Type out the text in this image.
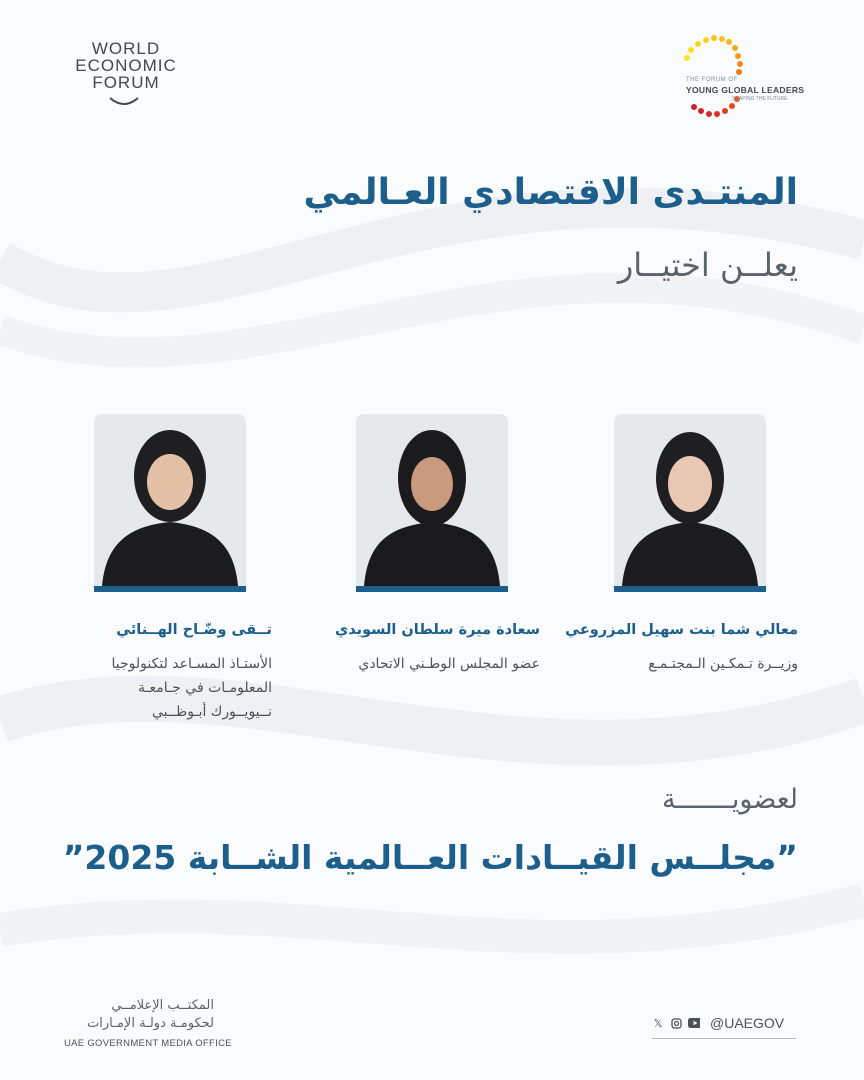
WORLD
ECONOMIC
FORUM	THE FORUM OF
YOUNG GLOBAL LEADERS
SHAPING THE FUTURE
المنتـدى الاقتصادي العـالمي
يعلــن اختيــار
معالي شما بنت سهيل المزروعي
سعادة ميرة سلطان السويدي
تــقى وضّـاح الهــنائي
وزيــرة تـمكـين الـمجتـمـع
عضو المجلس الوطـني الاتحادي
الأستـاذ المسـاعد لتكنولوجيا
المعلومـات في جـامعـة
نــيويــورك أبـوظــبي
لعضويـــــــة
”مجلــس القيــادات العــالمية الشــابة 2025”
المكتــب الإعلامــي
لحكومـة دولـة الإمـارات
UAE GOVERNMENT MEDIA OFFICE
𝕏	@UAEGOV
